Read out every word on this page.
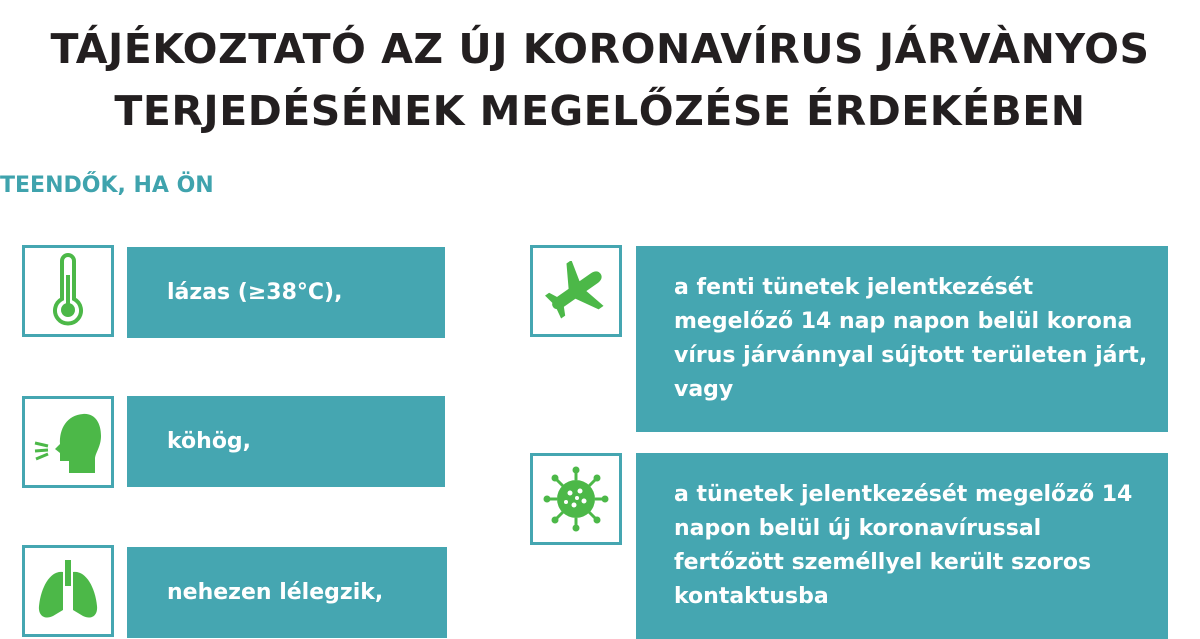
TÁJÉKOZTATÓ AZ ÚJ KORONAVÍRUS JÁRVÀNYOS
TERJEDÉSÉNEK MEGELŐZÉSE ÉRDEKÉBEN
TEENDŐK, HA ÖN
lázas (≥38°C),
köhög,
nehezen lélegzik,
a fenti tünetek jelentkezését megelőző 14 nap napon belül korona vírus járvánnyal sújtott területen járt, vagy
a tünetek jelentkezését megelőző 14 napon belül új koronavírussal fertőzött személlyel került szoros kontaktusba
